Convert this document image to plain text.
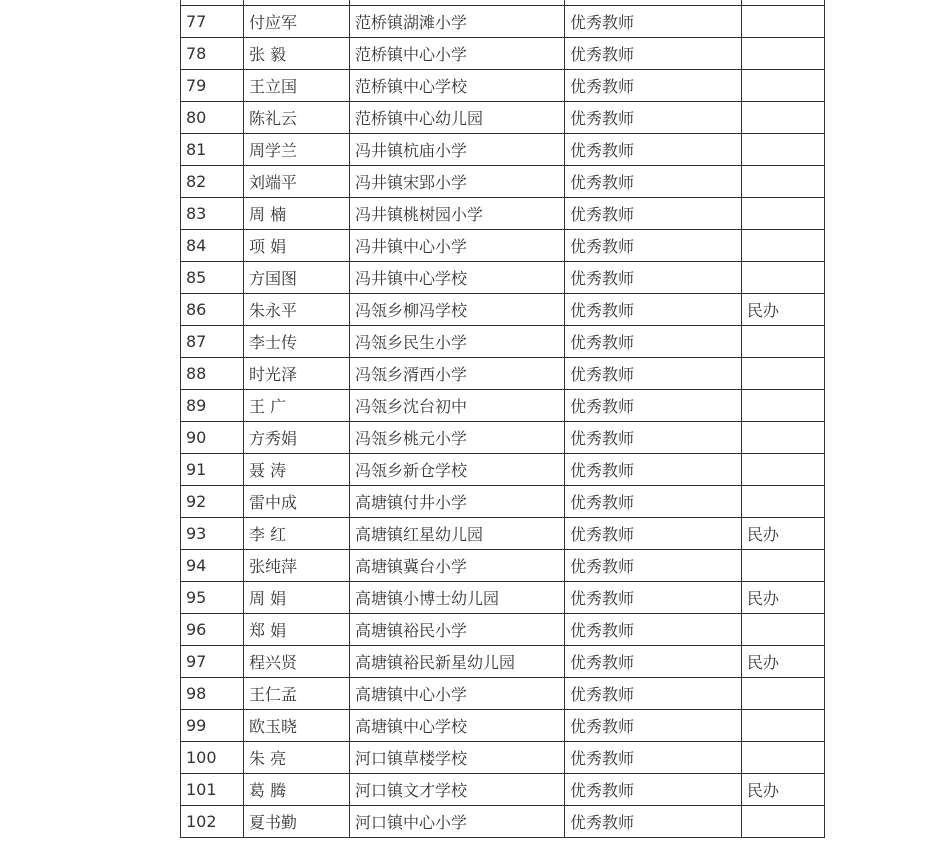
77	付应军	范桥镇湖滩小学	优秀教师	
78	张 毅	范桥镇中心小学	优秀教师	
79	王立国	范桥镇中心学校	优秀教师	
80	陈礼云	范桥镇中心幼儿园	优秀教师	
81	周学兰	冯井镇杭庙小学	优秀教师	
82	刘端平	冯井镇宋郢小学	优秀教师	
83	周 楠	冯井镇桃树园小学	优秀教师	
84	项 娟	冯井镇中心小学	优秀教师	
85	方国图	冯井镇中心学校	优秀教师	
86	朱永平	冯瓴乡柳冯学校	优秀教师	民办
87	李士传	冯瓴乡民生小学	优秀教师	
88	时光泽	冯瓴乡湑西小学	优秀教师	
89	王 广	冯瓴乡沈台初中	优秀教师	
90	方秀娟	冯瓴乡桃元小学	优秀教师	
91	聂 涛	冯瓴乡新仓学校	优秀教师	
92	雷中成	高塘镇付井小学	优秀教师	
93	李 红	高塘镇红星幼儿园	优秀教师	民办
94	张纯萍	高塘镇冀台小学	优秀教师	
95	周 娟	高塘镇小博士幼儿园	优秀教师	民办
96	郑 娟	高塘镇裕民小学	优秀教师	
97	程兴贤	高塘镇裕民新星幼儿园	优秀教师	民办
98	王仁孟	高塘镇中心小学	优秀教师	
99	欧玉晓	高塘镇中心学校	优秀教师	
100	朱 亮	河口镇草楼学校	优秀教师	
101	葛 腾	河口镇文才学校	优秀教师	民办
102	夏书勤	河口镇中心小学	优秀教师	
